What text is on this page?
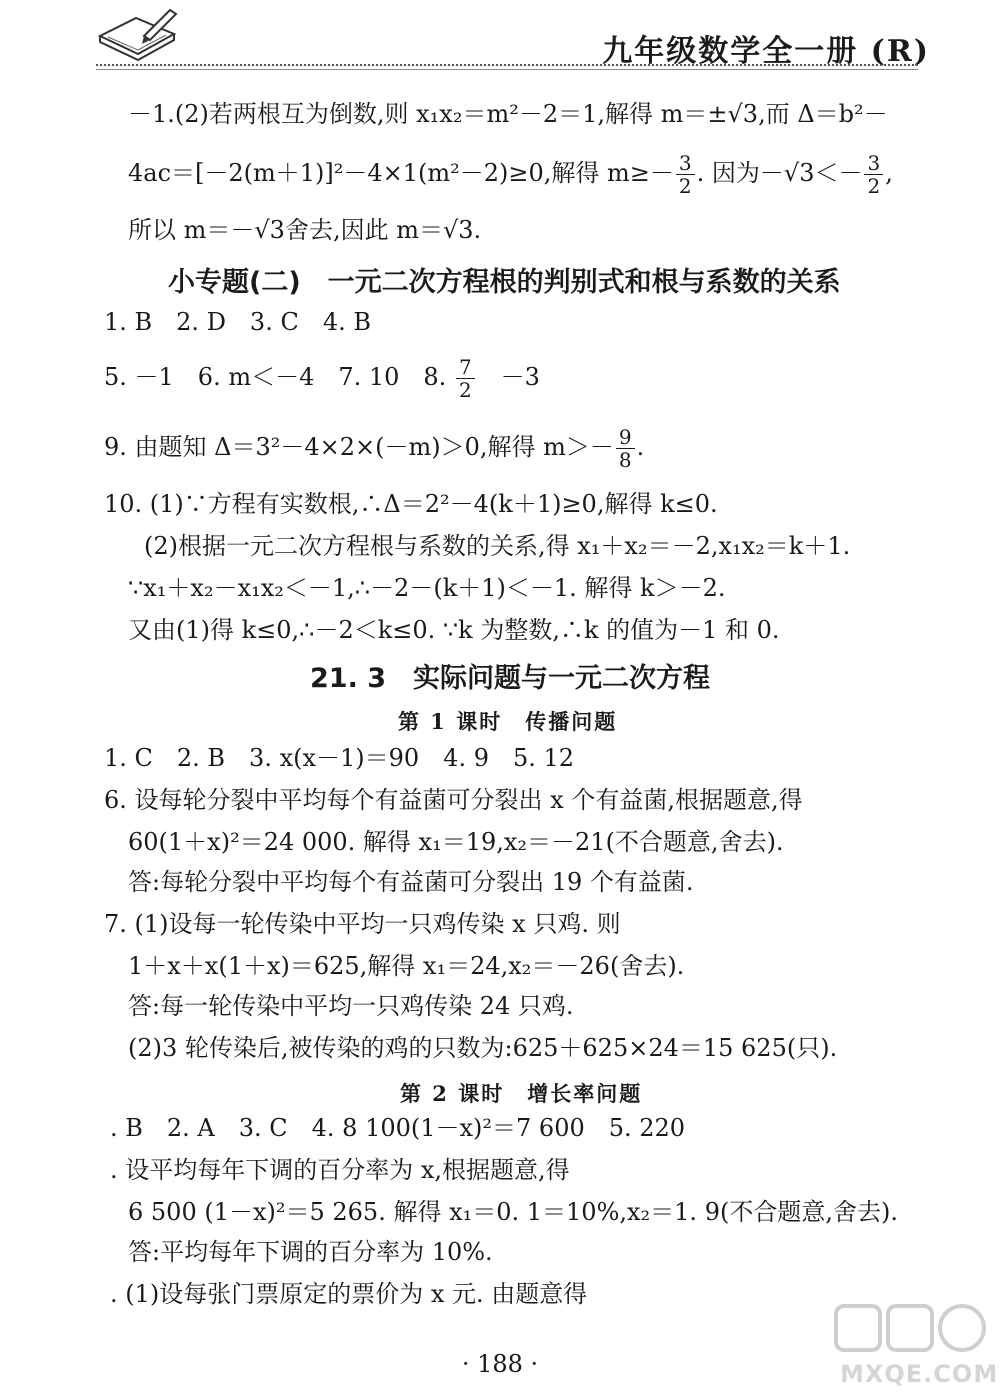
九年级数学全一册 (R)
－1.(2)若两根互为倒数,则 x₁x₂＝m²－2＝1,解得 m＝±√3,而 Δ＝b²－
4ac＝[－2(m＋1)]²－4×1(m²－2)≥0,解得 $m\ge- \frac{3}{2}$ . 因为$-√3<- \frac{3}{2}$ ,
所以 m＝－√3舍去,因此 m＝√3.
小专题(二)　一元二次方程根的判别式和根与系数的关系
1. B　2. D　3. C　4. B
5. －1　6. m＜－4　7. 10　8. $\frac{7}{2}$ 　－3
9. 由题知 Δ＝3²－4×2×(－m)＞0,解得 $m>- \frac{9}{8}$ .
10. (1)∵方程有实数根,∴Δ＝2²－4(k＋1)≥0,解得 k≤0.
(2)根据一元二次方程根与系数的关系,得 x₁＋x₂＝－2,x₁x₂＝k＋1.
∵x₁＋x₂－x₁x₂＜－1,∴－2－(k＋1)＜－1. 解得 k＞－2.
又由(1)得 k≤0,∴－2＜k≤0. ∵k 为整数,∴k 的值为－1 和 0.
21. 3　实际问题与一元二次方程
第 1 课时　传播问题
1. C　2. B　3. x(x－1)＝90　4. 9　5. 12
6. 设每轮分裂中平均每个有益菌可分裂出 x 个有益菌,根据题意,得
60(1＋x)²＝24 000. 解得 x₁＝19,x₂＝－21(不合题意,舍去).
答:每轮分裂中平均每个有益菌可分裂出 19 个有益菌.
7. (1)设每一轮传染中平均一只鸡传染 x 只鸡. 则
1＋x＋x(1＋x)＝625,解得 x₁＝24,x₂＝－26(舍去).
答:每一轮传染中平均一只鸡传染 24 只鸡.
(2)3 轮传染后,被传染的鸡的只数为:625＋625×24＝15 625(只).
第 2 课时　增长率问题
. B　2. A　3. C　4. 8 100(1－x)²＝7 600　5. 220
. 设平均每年下调的百分率为 x,根据题意,得
6 500 (1－x)²＝5 265. 解得 x₁＝0. 1＝10%,x₂＝1. 9(不合题意,舍去).
答:平均每年下调的百分率为 10%.
. (1)设每张门票原定的票价为 x 元. 由题意得
· 188 ·	MXQE.COM
